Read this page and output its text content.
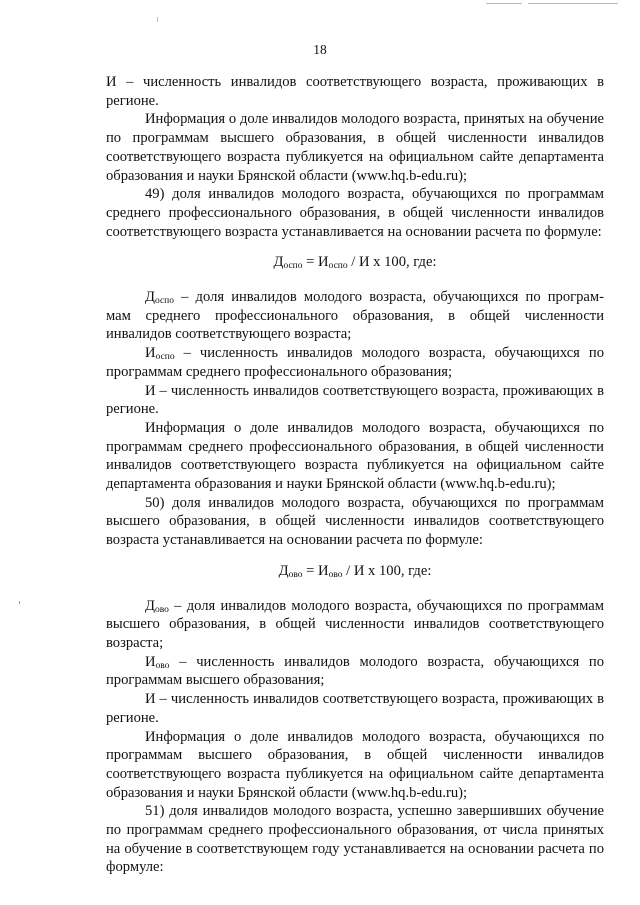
18

И – численность инвалидов соответствующего возраста, проживающих в регионе.

Информация о доле инвалидов молодого возраста, принятых на обучение по программам высшего образования, в общей численности инвалидов соответствующего возраста публикуется на официальном сайте департамента образования и науки Брянской области (www.hq.b-edu.ru);

49) доля инвалидов молодого возраста, обучающихся по программам среднего профессионального образования, в общей численности инвалидов соответствующего возраста устанавливается на основании расчета по формуле:

$Д_{оспо} = И_{оспо} / И$ x 100, где:

$Д_{оспо}$ – доля инвалидов молодого возраста, обучающихся по програм- мам среднего профессионального образования, в общей численности инвалидов соответствующего возраста;

$И_{оспо}$ – численность инвалидов молодого возраста, обучающихся по программам среднего профессионального образования;

И – численность инвалидов соответствующего возраста, проживающих в регионе.

Информация о доле инвалидов молодого возраста, обучающихся по программам среднего профессионального образования, в общей численности инвалидов соответствующего возраста публикуется на официальном сайте департамента образования и науки Брянской области (www.hq.b-edu.ru);

50) доля инвалидов молодого возраста, обучающихся по программам высшего образования, в общей численности инвалидов соответствующего возраста устанавливается на основании расчета по формуле:

$Д_{ово} = И_{ово} / И$ x 100, где:

$Д_{ово}$ – доля инвалидов молодого возраста, обучающихся по программам высшего образования, в общей численности инвалидов соответствующего возраста;

$И_{ово}$ – численность инвалидов молодого возраста, обучающихся по программам высшего образования;

И – численность инвалидов соответствующего возраста, проживающих в регионе.

Информация о доле инвалидов молодого возраста, обучающихся по программам высшего образования, в общей численности инвалидов соответствующего возраста публикуется на официальном сайте департамента образования и науки Брянской области (www.hq.b-edu.ru);

51) доля инвалидов молодого возраста, успешно завершивших обучение по программам среднего профессионального образования, от числа принятых на обучение в соответствующем году устанавливается на основании расчета по формуле:
